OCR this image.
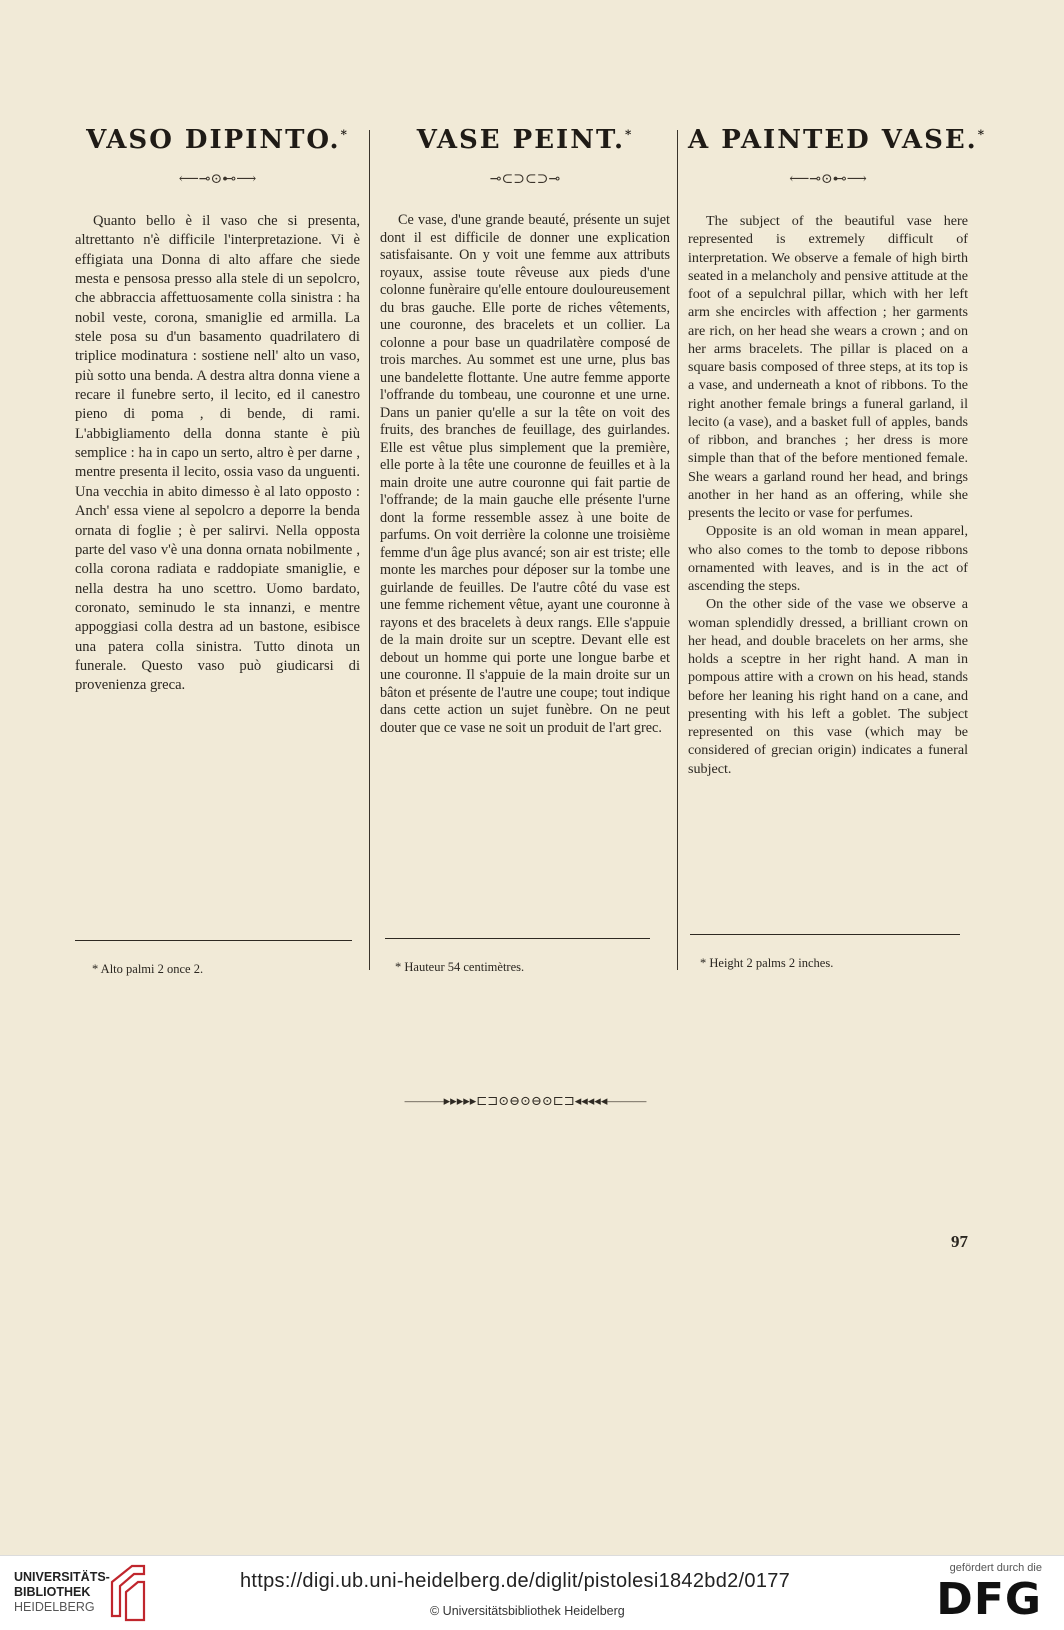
VASO DIPINTO.*
⟵⊸⊙⊷⟶

Quanto bello è il vaso che si presenta, altrettanto n'è difficile l'interpretazione. Vi è effigiata una Donna di alto affare che siede mesta e pensosa presso alla stele di un sepolcro, che abbraccia affettuosamente colla sinistra : ha nobil veste, corona, smaniglie ed armilla. La stele posa su d'un basamento quadrilatero di triplice modinatura : sostiene nell' alto un vaso, più sotto una benda. A destra altra donna viene a recare il funebre serto, il lecito, ed il canestro pieno di poma , di bende, di rami. L'abbigliamento della donna stante è più semplice : ha in capo un serto, altro è per darne , mentre presenta il lecito, ossia vaso da unguenti. Una vecchia in abito dimesso è al lato opposto : Anch' essa viene al sepolcro a deporre la benda ornata di foglie ; è per salirvi. Nella opposta parte del vaso v'è una donna ornata nobilmente , colla corona radiata e raddopiate smaniglie, e nella destra ha uno scettro. Uomo bardato, coronato, seminudo le sta innanzi, e mentre appoggiasi colla destra ad un bastone, esibisce una patera colla sinistra. Tutto dinota un funerale. Questo vaso può giudicarsi di provenienza greca.

VASE PEINT.*
⊸⊂⊃⊂⊃⊸

Ce vase, d'une grande beauté, présente un sujet dont il est difficile de donner une explication satisfaisante. On y voit une femme aux attributs royaux, assise toute rêveuse aux pieds d'une colonne funèraire qu'elle entoure douloureusement du bras gauche. Elle porte de riches vêtements, une couronne, des bracelets et un collier. La colonne a pour base un quadrilatère composé de trois marches. Au sommet est une urne, plus bas une bandelette flottante. Une autre femme apporte l'offrande du tombeau, une couronne et une urne. Dans un panier qu'elle a sur la tête on voit des fruits, des branches de feuillage, des guirlandes. Elle est vêtue plus simplement que la première, elle porte à la tête une couronne de feuilles et à la main droite une autre couronne qui fait partie de l'offrande; de la main gauche elle présente l'urne dont la forme ressemble assez à une boite de parfums. On voit derrière la colonne une troisième femme d'un âge plus avancé; son air est triste; elle monte les marches pour déposer sur la tombe une guirlande de feuilles. De l'autre côté du vase est une femme richement vêtue, ayant une couronne à rayons et des bracelets à deux rangs. Elle s'appuie de la main droite sur un sceptre. Devant elle est debout un homme qui porte une longue barbe et une couronne. Il s'appuie de la main droite sur un bâton et présente de l'autre une coupe; tout indique dans cette action un sujet funèbre. On ne peut douter que ce vase ne soit un produit de l'art grec.

A PAINTED VASE.*
⟵⊸⊙⊷⟶

The subject of the beautiful vase here represented is extremely difficult of interpretation. We observe a female of high birth seated in a melancholy and pensive attitude at the foot of a sepulchral pillar, which with her left arm she encircles with affection ; her garments are rich, on her head she wears a crown ; and on her arms bracelets. The pillar is placed on a square basis composed of three steps, at its top is a vase, and underneath a knot of ribbons. To the right another female brings a funeral garland, il lecito (a vase), and a basket full of apples, bands of ribbon, and branches ; her dress is more simple than that of the before mentioned female. She wears a garland round her head, and brings another in her hand as an offering, while she presents the lecito or vase for perfumes.

Opposite is an old woman in mean apparel, who also comes to the tomb to depose ribbons ornamented with leaves, and is in the act of ascending the steps.

On the other side of the vase we observe a woman splendidly dressed, a brilliant crown on her head, and double bracelets on her arms, she holds a sceptre in her right hand. A man in pompous attire with a crown on his head, stands before her leaning his right hand on a cane, and presenting with his left a goblet. The subject represented on this vase (which may be considered of grecian origin) indicates a funeral subject.

* Alto palmi 2 once 2.	* Hauteur 54 centimètres.	* Height 2 palms 2 inches.
———▸▸▸▸▸⊏⊐⊙⊖⊙⊖⊙⊏⊐◂◂◂◂◂———
97
UNIVERSITÄTS-
BIBLIOTHEK
HEIDELBERG
https://digi.ub.uni-heidelberg.de/diglit/pistolesi1842bd2/0177
© Universitätsbibliothek Heidelberg
gefördert durch die
DFG
